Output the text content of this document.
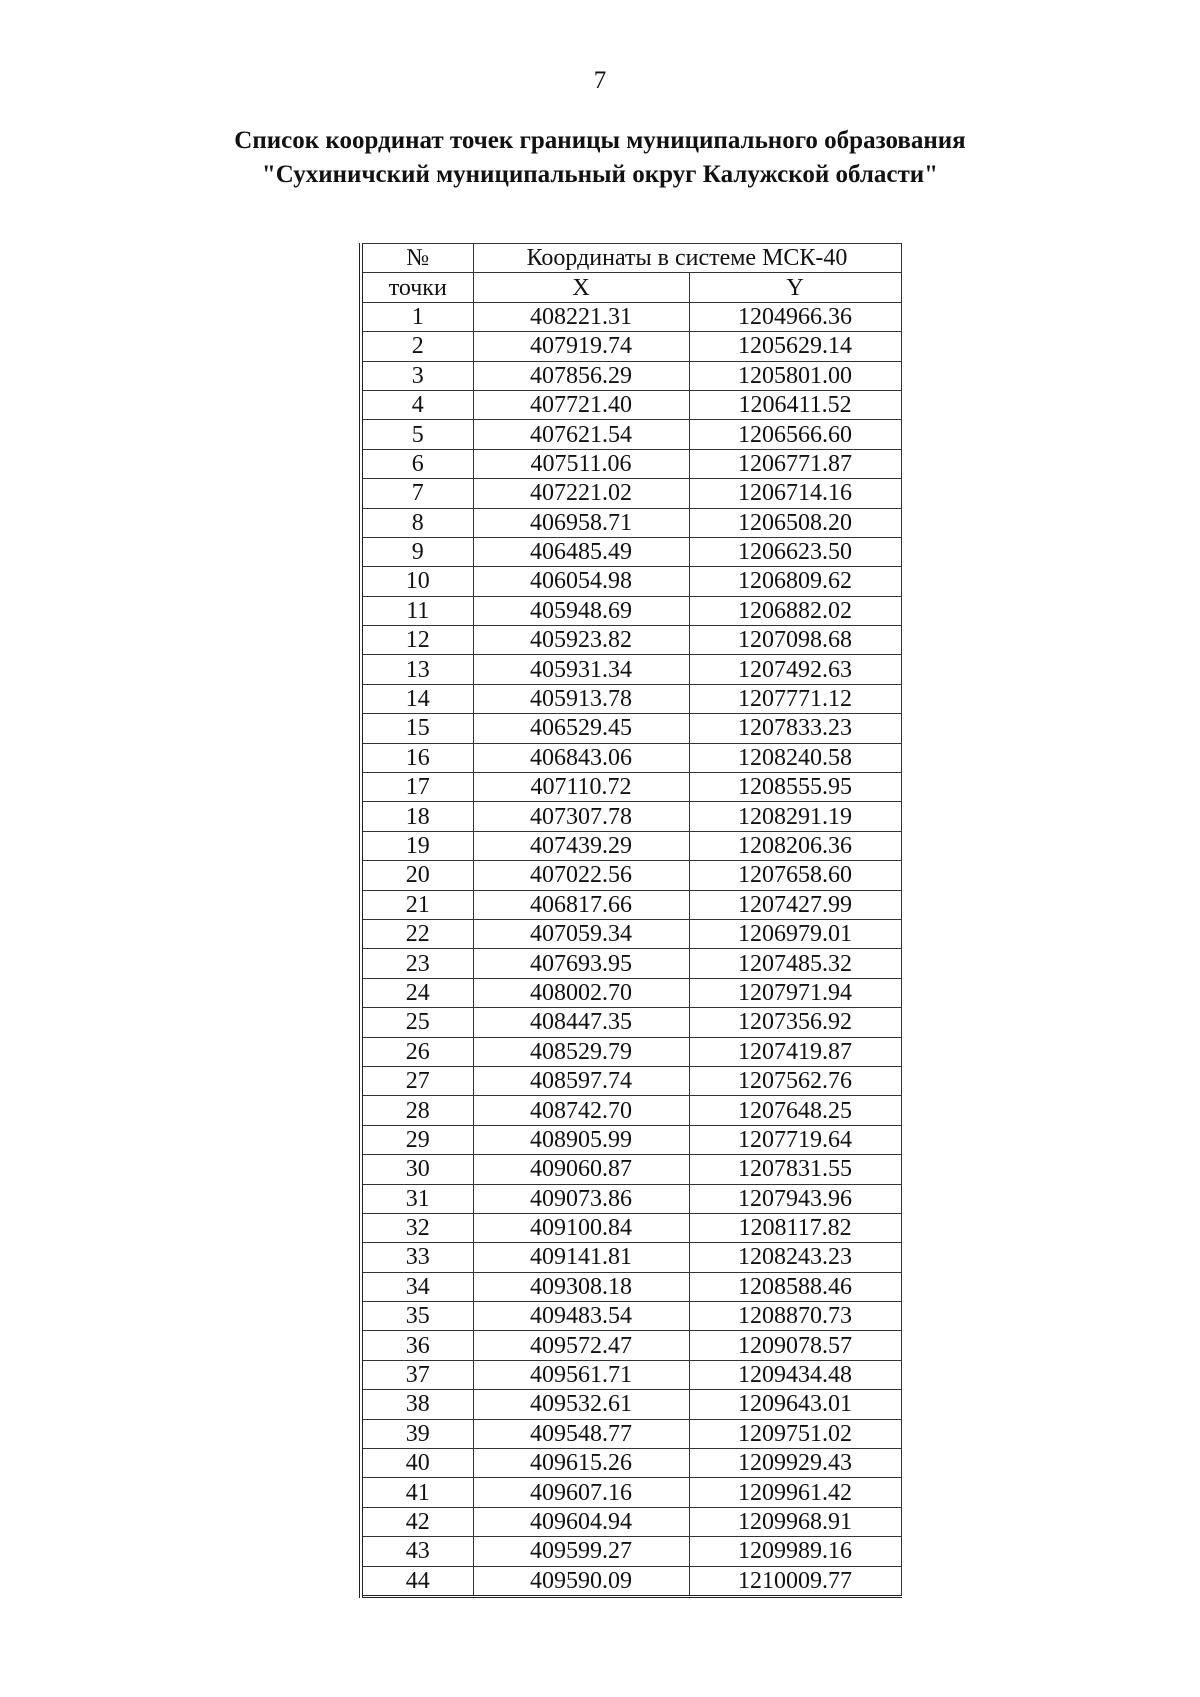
7
Список координат точек границы муниципального образования
"Сухиничский муниципальный округ Калужской области"
№	Координаты в системе МСК-40	
точки	X	Y
1	408221.31	1204966.36
2	407919.74	1205629.14
3	407856.29	1205801.00
4	407721.40	1206411.52
5	407621.54	1206566.60
6	407511.06	1206771.87
7	407221.02	1206714.16
8	406958.71	1206508.20
9	406485.49	1206623.50
10	406054.98	1206809.62
11	405948.69	1206882.02
12	405923.82	1207098.68
13	405931.34	1207492.63
14	405913.78	1207771.12
15	406529.45	1207833.23
16	406843.06	1208240.58
17	407110.72	1208555.95
18	407307.78	1208291.19
19	407439.29	1208206.36
20	407022.56	1207658.60
21	406817.66	1207427.99
22	407059.34	1206979.01
23	407693.95	1207485.32
24	408002.70	1207971.94
25	408447.35	1207356.92
26	408529.79	1207419.87
27	408597.74	1207562.76
28	408742.70	1207648.25
29	408905.99	1207719.64
30	409060.87	1207831.55
31	409073.86	1207943.96
32	409100.84	1208117.82
33	409141.81	1208243.23
34	409308.18	1208588.46
35	409483.54	1208870.73
36	409572.47	1209078.57
37	409561.71	1209434.48
38	409532.61	1209643.01
39	409548.77	1209751.02
40	409615.26	1209929.43
41	409607.16	1209961.42
42	409604.94	1209968.91
43	409599.27	1209989.16
44	409590.09	1210009.77
